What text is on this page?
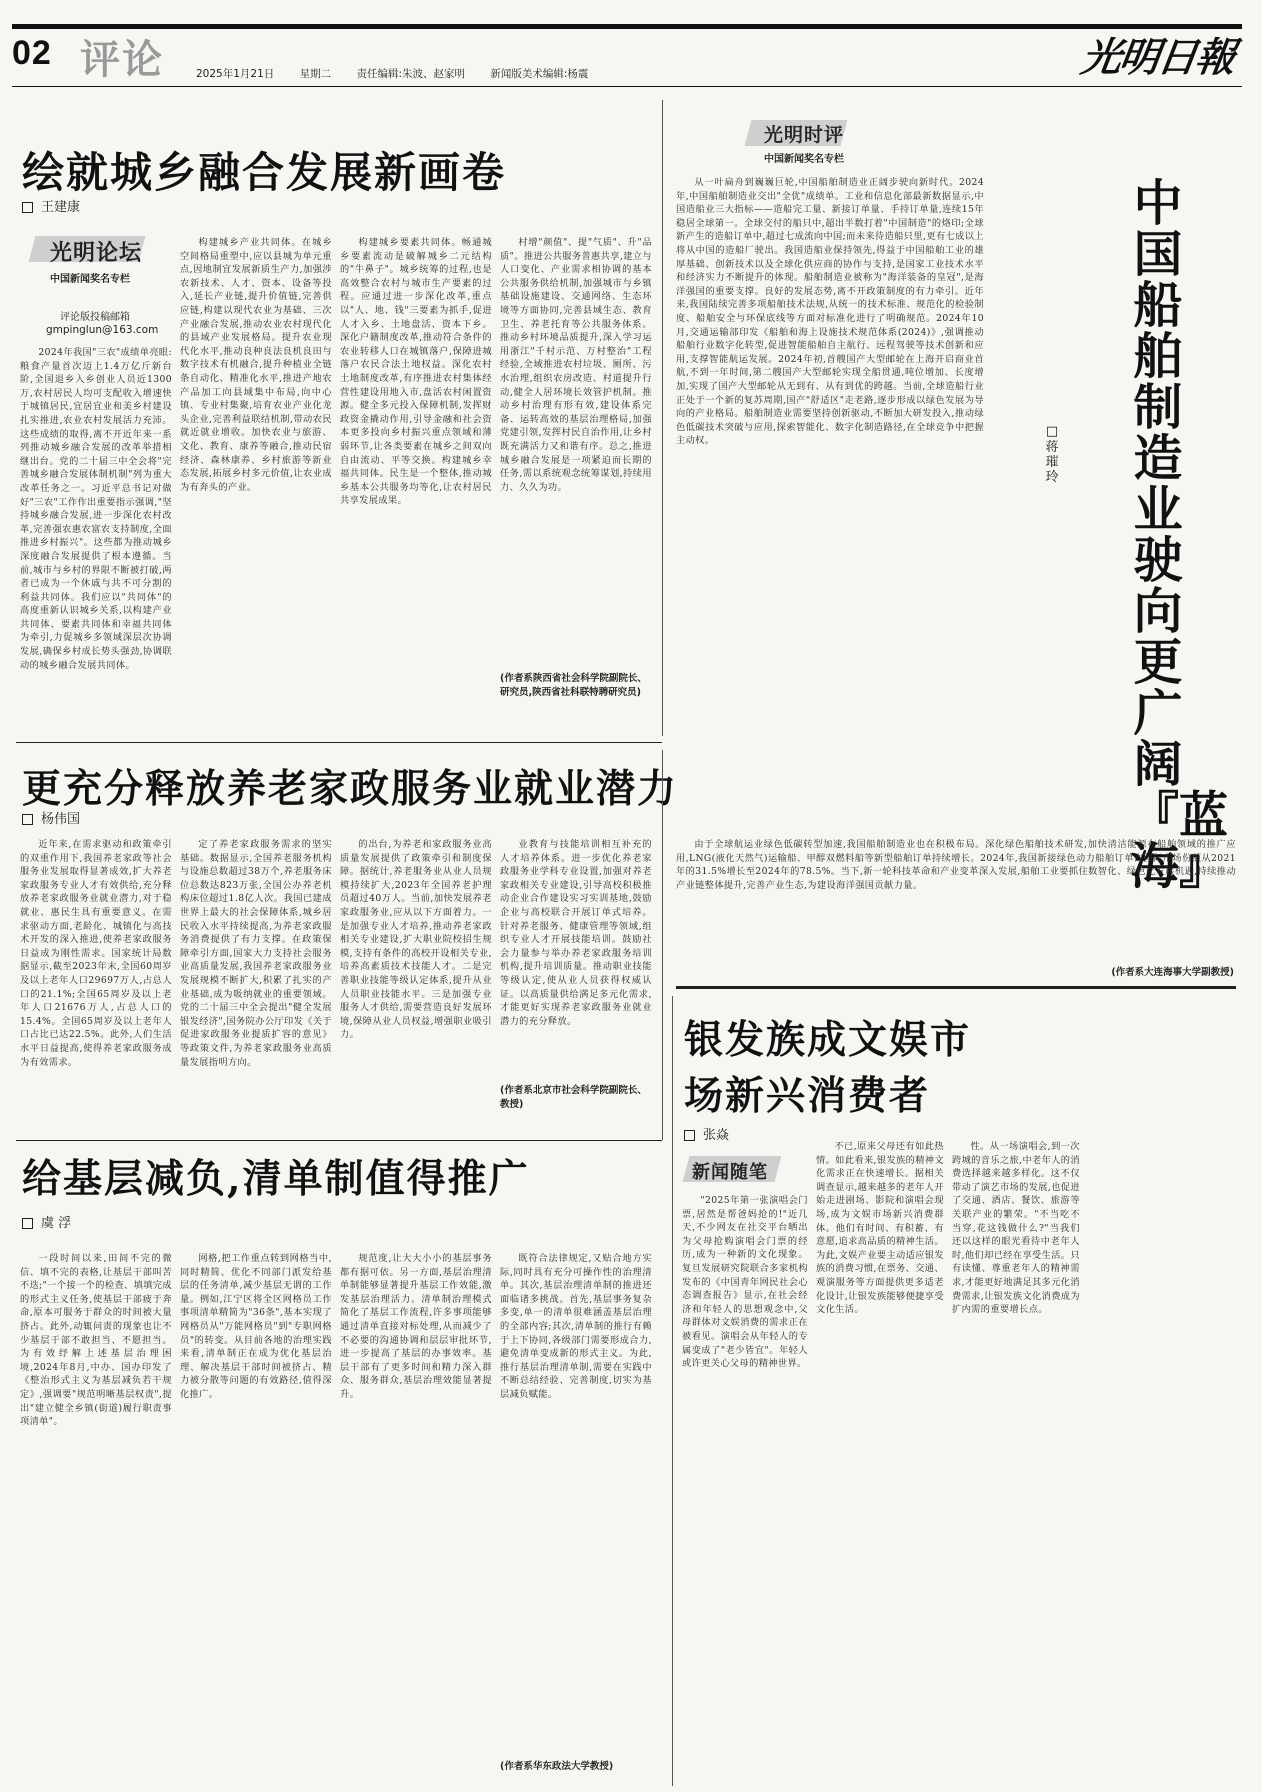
02 评论	2025年1月21日 星期二 责任编辑:朱波、赵家明 新闻版美术编辑:杨震	光明日報
绘就城乡融合发展新画卷
王建康
光明论坛
中国新闻奖名专栏
评论版投稿邮箱
gmpinglun@163.com

2024年我国"三农"成绩单亮眼:粮食产量首次迈上1.4万亿斤新台阶,全国退乡入乡创业人员近1300万,农村居民人均可支配收入增速快于城镇居民,宜居宜业和美乡村建设扎实推进,农业农村发展活力充沛。这些成绩的取得,离不开近年来一系列推动城乡融合发展的改革举措相继出台。党的二十届三中全会将"完善城乡融合发展体制机制"列为重大改革任务之一。习近平总书记对做好"三农"工作作出重要指示强调,"坚持城乡融合发展,进一步深化农村改革,完善强农惠农富农支持制度,全面推进乡村振兴"。这些都为推动城乡深度融合发展提供了根本遵循。当前,城市与乡村的界限不断被打破,两者已成为一个休戚与共不可分割的利益共同体。我们应以"共同体"的高度重新认识城乡关系,以构建产业共同体、要素共同体和幸福共同体为牵引,力促城乡多领域深层次协调发展,确保乡村成长势头强劲,协调联动的城乡融合发展共同体。

构建城乡产业共同体。在城乡空间格局重塑中,应以县城为单元重点,因地制宜发展新质生产力,加强涉农新技术、人才、资本、设备等投入,延长产业链,提升价值链,完善供应链,构建以现代农业为基础、三次产业融合发展,推动农业农村现代化的县域产业发展格局。提升农业现代化水平,推动良种良法良机良田与数字技术有机融合,提升种植业全链条自动化、精准化水平,推进产地农产品加工向县域集中布局,向中心镇、专业村集聚,培育农业产业化龙头企业,完善利益联结机制,带动农民就近就业增收。加快农业与旅游、文化、教育、康养等融合,推动民宿经济、森林康养、乡村旅游等新业态发展,拓展乡村多元价值,让农业成为有奔头的产业。

构建城乡要素共同体。畅通城乡要素流动是破解城乡二元结构的"牛鼻子"。城乡统筹的过程,也是高效整合农村与城市生产要素的过程。应通过进一步深化改革,重点以"人、地、钱"三要素为抓手,促进人才入乡、土地盘活、资本下乡。深化户籍制度改革,推动符合条件的农业转移人口在城镇落户,保障进城落户农民合法土地权益。深化农村土地制度改革,有序推进农村集体经营性建设用地入市,盘活农村闲置资源。健全多元投入保障机制,发挥财政资金撬动作用,引导金融和社会资本更多投向乡村振兴重点领域和薄弱环节,让各类要素在城乡之间双向自由流动、平等交换。构建城乡幸福共同体。民生是一个整体,推动城乡基本公共服务均等化,让农村居民共享发展成果。

村增"颜值"、提"气质"、升"品质"。推进公共服务普惠共享,建立与人口变化、产业需求相协调的基本公共服务供给机制,加强城市与乡镇基础设施建设、交通网络、生态环境等方面协同,完善县域生态、教育卫生、养老托育等公共服务体系。推动乡村环境品质提升,深入学习运用浙江"千村示范、万村整治"工程经验,全域推进农村垃圾、厕所、污水治理,组织农房改造、村道提升行动,健全人居环境长效管护机制。推动乡村治理有形有效,建设体系完备、运转高效的基层治理格局,加强党建引领,发挥村民自治作用,让乡村既充满活力又和谐有序。总之,推进城乡融合发展是一项紧迫而长期的任务,需以系统观念统筹谋划,持续用力、久久为功。

(作者系陕西省社会科学院副院长、研究员,陕西省社科联特聘研究员)
光明时评
中国新闻奖名专栏

从一叶扁舟到巍巍巨轮,中国船舶制造业正阔步驶向新时代。2024年,中国船舶制造业交出"全优"成绩单。工业和信息化部最新数据显示,中国造船业三大指标——造船完工量、新接订单量、手持订单量,连续15年稳居全球第一。全球交付的船只中,超出半数打着"中国制造"的烙印;全球新产生的造船订单中,超过七成流向中国;而未来待造船只里,更有七成以上将从中国的造船厂驶出。我国造船业保持领先,得益于中国船舶工业的雄厚基础、创新技术以及全球化供应商的协作与支持,是国家工业技术水平和经济实力不断提升的体现。船舶制造业被称为"海洋装备的皇冠",是海洋强国的重要支撑。良好的发展态势,离不开政策制度的有力牵引。近年来,我国陆续完善多项船舶技术法规,从统一的技术标准、规范化的检验制度、船舶安全与环保底线等方面对标准化进行了明确规范。2024年10月,交通运输部印发《船舶和海上设施技术规范体系(2024)》,强调推动船舶行业数字化转型,促进智能船舶自主航行、远程驾驶等技术创新和应用,支撑智能航运发展。2024年初,首艘国产大型邮轮在上海开启商业首航,不到一年时间,第二艘国产大型邮轮实现全船贯通,吨位增加、长度增加,实现了国产大型邮轮从无到有、从有到优的跨越。当前,全球造船行业正处于一个新的复苏周期,国产"舒适区"走老路,逐步形成以绿色发展为导向的产业格局。船舶制造业需要坚持创新驱动,不断加大研发投入,推动绿色低碳技术突破与应用,探索智能化、数字化制造路径,在全球竞争中把握主动权。

中国船舶制造业驶向更广阔『蓝海』
□
蒋璀玲

由于全球航运业绿色低碳转型加速,我国船舶制造业也在积极布局。深化绿色船舶技术研发,加快清洁能源在船舶领域的推广应用,LNG(液化天然气)运输船、甲醇双燃料船等新型船舶订单持续增长。2024年,我国新接绿色动力船舶订单占国际市场份额从2021年的31.5%增长至2024年的78.5%。当下,新一轮科技革命和产业变革深入发展,船舶工业要抓住数智化、绿色化发展机遇,持续推动产业链整体提升,完善产业生态,为建设海洋强国贡献力量。

(作者系大连海事大学副教授)
更充分释放养老家政服务业就业潜力
杨伟国

近年来,在需求驱动和政策牵引的双重作用下,我国养老家政等社会服务业发展取得显著成效,扩大养老家政服务专业人才有效供给,充分释放养老家政服务业就业潜力,对于稳就业、惠民生具有重要意义。在需求驱动方面,老龄化、城镇化与高技术开发的深入推进,使养老家政服务日益成为刚性需求。国家统计局数据显示,截至2023年末,全国60周岁及以上老年人口29697万人,占总人口的21.1%;全国65周岁及以上老年人口21676万人,占总人口的15.4%。全国65周岁及以上老年人口占比已达22.5%。此外,人们生活水平日益提高,使得养老家政服务成为有效需求。

定了养老家政服务需求的坚实基础。数据显示,全国养老服务机构与设施总数超过38万个,养老服务床位总数达823万张,全国公办养老机构床位超过1.8亿人次。我国已建成世界上最大的社会保障体系,城乡居民收入水平持续提高,为养老家政服务消费提供了有力支撑。在政策保障牵引方面,国家大力支持社会服务业高质量发展,我国养老家政服务业发展规模不断扩大,积累了扎实的产业基础,成为吸纳就业的重要领域。党的二十届三中全会提出"健全发展银发经济",国务院办公厅印发《关于促进家政服务业提质扩容的意见》等政策文件,为养老家政服务业高质量发展指明方向。

的出台,为养老和家政服务业高质量发展提供了政策牵引和制度保障。据统计,养老服务业从业人员规模持续扩大,2023年全国养老护理员超过40万人。当前,加快发展养老家政服务业,应从以下方面着力。一是加强专业人才培养,推动养老家政相关专业建设,扩大职业院校招生规模,支持有条件的高校开设相关专业,培养高素质技术技能人才。二是完善职业技能等级认定体系,提升从业人员职业技能水平。三是加强专业服务人才供给,需要营造良好发展环境,保障从业人员权益,增强职业吸引力。

业教育与技能培训相互补充的人才培养体系。进一步优化养老家政服务业学科专业设置,加强对养老家政相关专业建设,引导高校积极推动企业合作建设实习实训基地,鼓励企业与高校联合开展订单式培养。针对养老服务、健康管理等领域,组织专业人才开展技能培训。鼓励社会力量参与举办养老家政服务培训机构,提升培训质量。推动职业技能等级认定,使从业人员获得权威认证。以高质量供给满足多元化需求,才能更好实现养老家政服务业就业潜力的充分释放。

(作者系北京市社会科学院副院长、教授)
银发族成文娱市场新兴消费者
张焱
新闻随笔

"2025年第一张演唱会门票,居然是帮爸妈抢的!"近几天,不少网友在社交平台晒出为父母抢购演唱会门票的经历,成为一种新的文化现象。复旦发展研究院联合多家机构发布的《中国青年网民社会心态调查报告》显示,在社会经济和年轻人的思想观念中,父母群体对文娱消费的需求正在被看见。演唱会从年轻人的专属变成了"老少皆宜"。年轻人或许更关心父母的精神世界。

不已,原来父母还有如此热情。如此看来,银发族的精神文化需求正在快速增长。据相关调查显示,越来越多的老年人开始走进剧场、影院和演唱会现场,成为文娱市场新兴消费群体。他们有时间、有积蓄、有意愿,追求高品质的精神生活。为此,文娱产业要主动适应银发族的消费习惯,在票务、交通、观演服务等方面提供更多适老化设计,让银发族能够便捷享受文化生活。

性。从一场演唱会,到一次跨城的音乐之旅,中老年人的消费选择越来越多样化。这不仅带动了演艺市场的发展,也促进了交通、酒店、餐饮、旅游等关联产业的繁荣。"不当吃不当穿,花这钱做什么?"当我们还以这样的眼光看待中老年人时,他们却已经在享受生活。只有读懂、尊重老年人的精神需求,才能更好地满足其多元化消费需求,让银发族文化消费成为扩内需的重要增长点。

给基层减负,清单制值得推广
虞 浮

一段时间以来,田间不完的微信、填不完的表格,让基层干部叫苦不迭;"一个接一个的检查、填填完成的形式主义任务,使基层干部疲于奔命,原本可服务于群众的时间被大量挤占。此外,动辄问责的现象也让不少基层干部不敢担当、不愿担当。为有效纾解上述基层治理困境,2024年8月,中办、国办印发了《整治形式主义为基层减负若干规定》,强调要"规范明晰基层权责",提出"建立健全乡镇(街道)履行职责事项清单"。

网格,把工作重点转到网格当中,同时精简、优化不同部门派发给基层的任务清单,减少基层无谓的工作量。例如,江宁区将全区网格员工作事项清单精简为"36条",基本实现了网格员从"万能网格员"到"专职网格员"的转变。从目前各地的治理实践来看,清单制正在成为优化基层治理、解决基层干部时间被挤占、精力被分散等问题的有效路径,值得深化推广。

规范度,让大大小小的基层事务都有据可依。另一方面,基层治理清单制能够显著提升基层工作效能,激发基层治理活力。清单制治理模式简化了基层工作流程,许多事项能够通过清单直接对标处理,从而减少了不必要的沟通协调和层层审批环节,进一步提高了基层的办事效率。基层干部有了更多时间和精力深入群众、服务群众,基层治理效能显著提升。

既符合法律规定,又贴合地方实际,同时具有充分可操作性的治理清单。其次,基层治理清单制的推进还面临诸多挑战。首先,基层事务复杂多变,单一的清单很难涵盖基层治理的全部内容;其次,清单制的推行有赖于上下协同,各级部门需要形成合力,避免清单变成新的形式主义。为此,推行基层治理清单制,需要在实践中不断总结经验、完善制度,切实为基层减负赋能。

(作者系华东政法大学教授)
